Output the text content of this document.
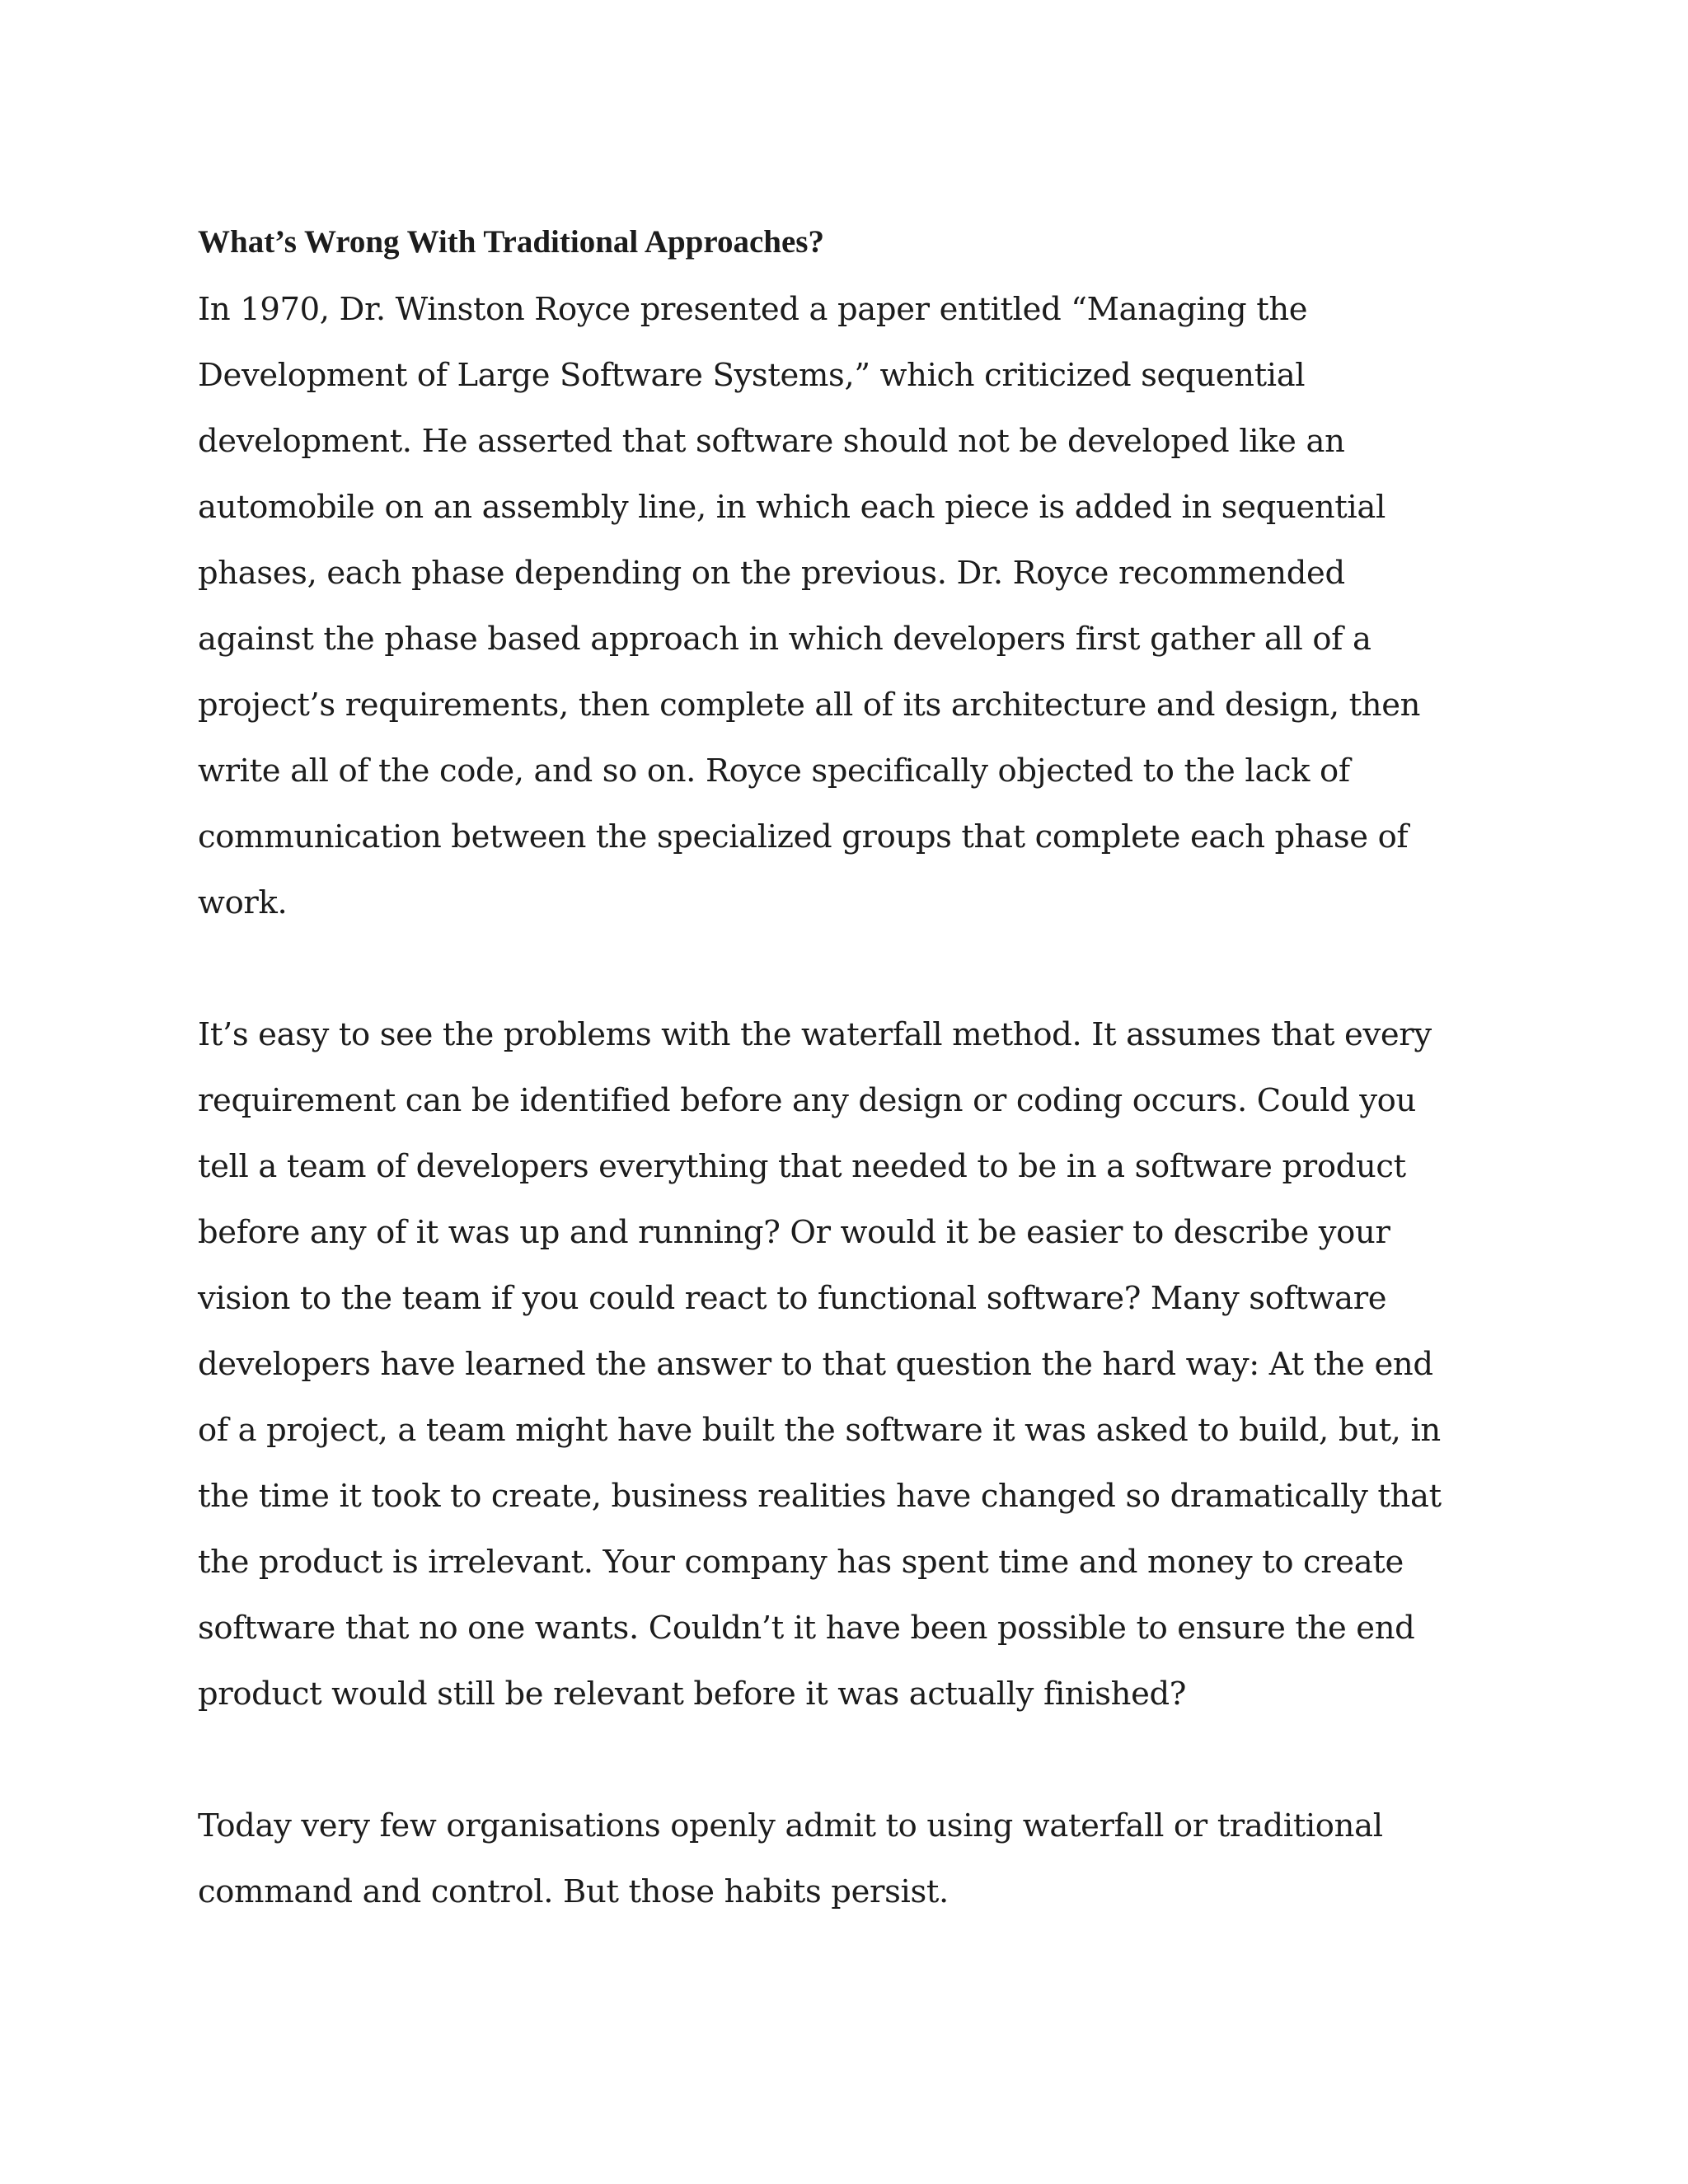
What’s Wrong With Traditional Approaches?

In 1970, Dr. Winston Royce presented a paper entitled “Managing the
Development of Large Software Systems,” which criticized sequential
development. He asserted that software should not be developed like an
automobile on an assembly line, in which each piece is added in sequential
phases, each phase depending on the previous. Dr. Royce recommended
against the phase based approach in which developers first gather all of a
project’s requirements, then complete all of its architecture and design, then
write all of the code, and so on. Royce specifically objected to the lack of
communication between the specialized groups that complete each phase of
work.

It’s easy to see the problems with the waterfall method. It assumes that every
requirement can be identified before any design or coding occurs. Could you
tell a team of developers everything that needed to be in a software product
before any of it was up and running? Or would it be easier to describe your
vision to the team if you could react to functional software? Many software
developers have learned the answer to that question the hard way: At the end
of a project, a team might have built the software it was asked to build, but, in
the time it took to create, business realities have changed so dramatically that
the product is irrelevant. Your company has spent time and money to create
software that no one wants. Couldn’t it have been possible to ensure the end
product would still be relevant before it was actually finished?

Today very few organisations openly admit to using waterfall or traditional
command and control. But those habits persist.
